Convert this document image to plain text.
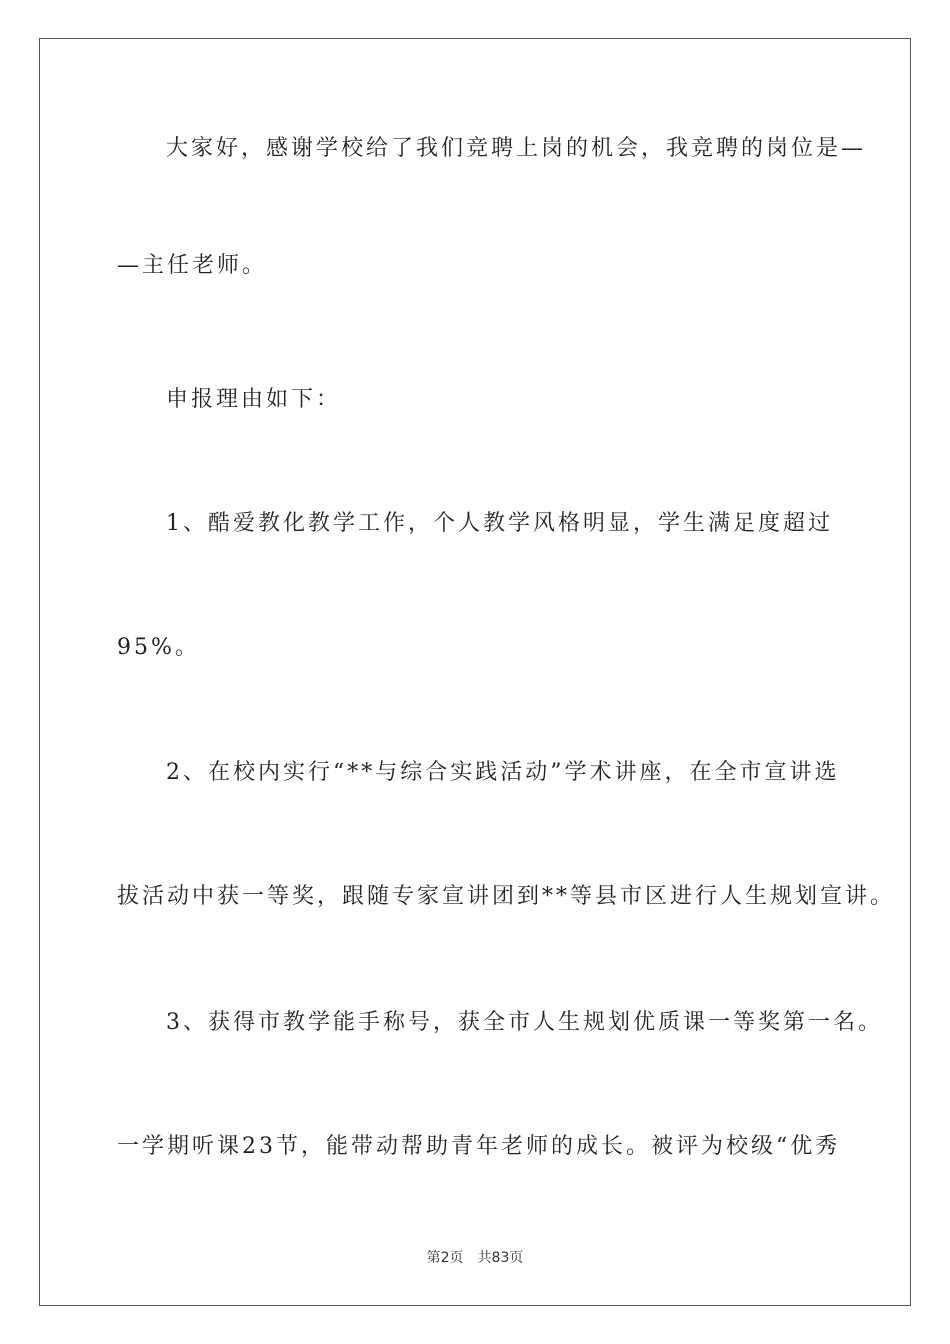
大家好，感谢学校给了我们竞聘上岗的机会，我竞聘的岗位是—
—主任老师。
申报理由如下：
1、酷爱教化教学工作，个人教学风格明显，学生满足度超过
95%。
2、在校内实行“**与综合实践活动”学术讲座，在全市宣讲选
拔活动中获一等奖，跟随专家宣讲团到**等县市区进行人生规划宣讲。
3、获得市教学能手称号，获全市人生规划优质课一等奖第一名。
一学期听课23节，能带动帮助青年老师的成长。被评为校级“优秀
第2页 共83页
